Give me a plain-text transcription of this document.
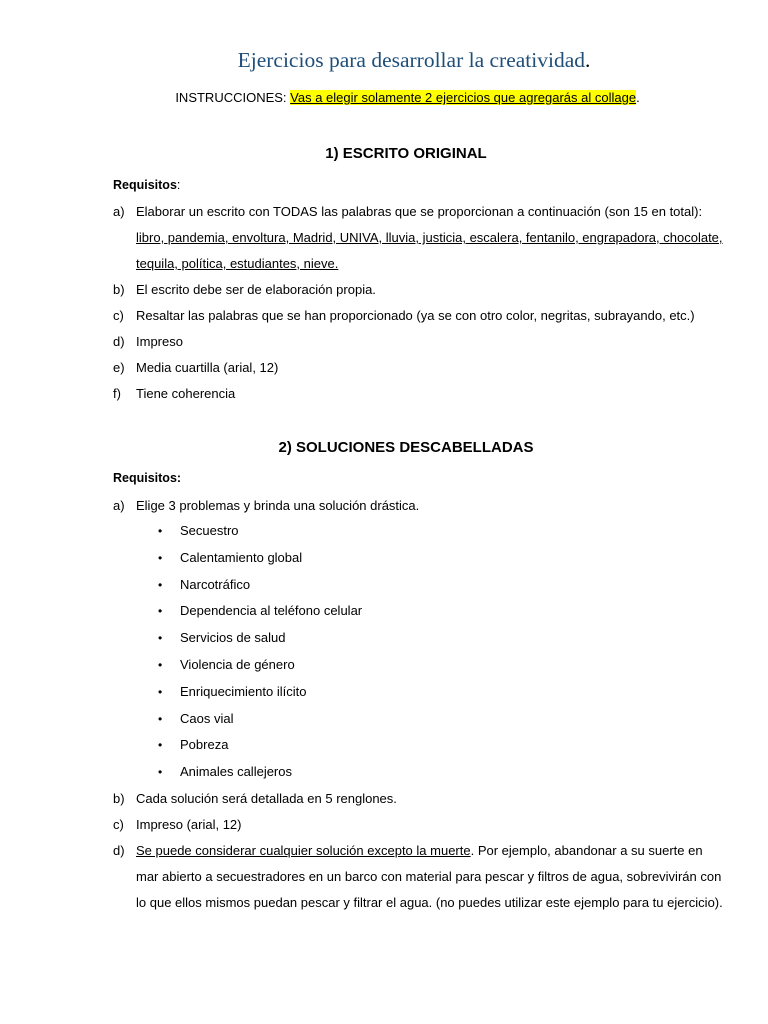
Ejercicios para desarrollar la creatividad.
INSTRUCCIONES: Vas a elegir solamente 2 ejercicios que agregarás al collage.
1) ESCRITO ORIGINAL
Requisitos:
a) Elaborar un escrito con TODAS las palabras que se proporcionan a continuación (son 15 en total): libro, pandemia, envoltura, Madrid, UNIVA, lluvia, justicia, escalera, fentanilo, engrapadora, chocolate, tequila, política, estudiantes, nieve.
b) El escrito debe ser de elaboración propia.
c) Resaltar las palabras que se han proporcionado (ya se con otro color, negritas, subrayando, etc.)
d) Impreso
e) Media cuartilla (arial, 12)
f) Tiene coherencia
2) SOLUCIONES DESCABELLADAS
Requisitos:
a) Elige 3 problemas y brinda una solución drástica.
• Secuestro
• Calentamiento global
• Narcotráfico
• Dependencia al teléfono celular
• Servicios de salud
• Violencia de género
• Enriquecimiento ilícito
• Caos vial
• Pobreza
• Animales callejeros
b) Cada solución será detallada en 5 renglones.
c) Impreso (arial, 12)
d) Se puede considerar cualquier solución excepto la muerte. Por ejemplo, abandonar a su suerte en mar abierto a secuestradores en un barco con material para pescar y filtros de agua, sobrevivirán con lo que ellos mismos puedan pescar y filtrar el agua. (no puedes utilizar este ejemplo para tu ejercicio).
